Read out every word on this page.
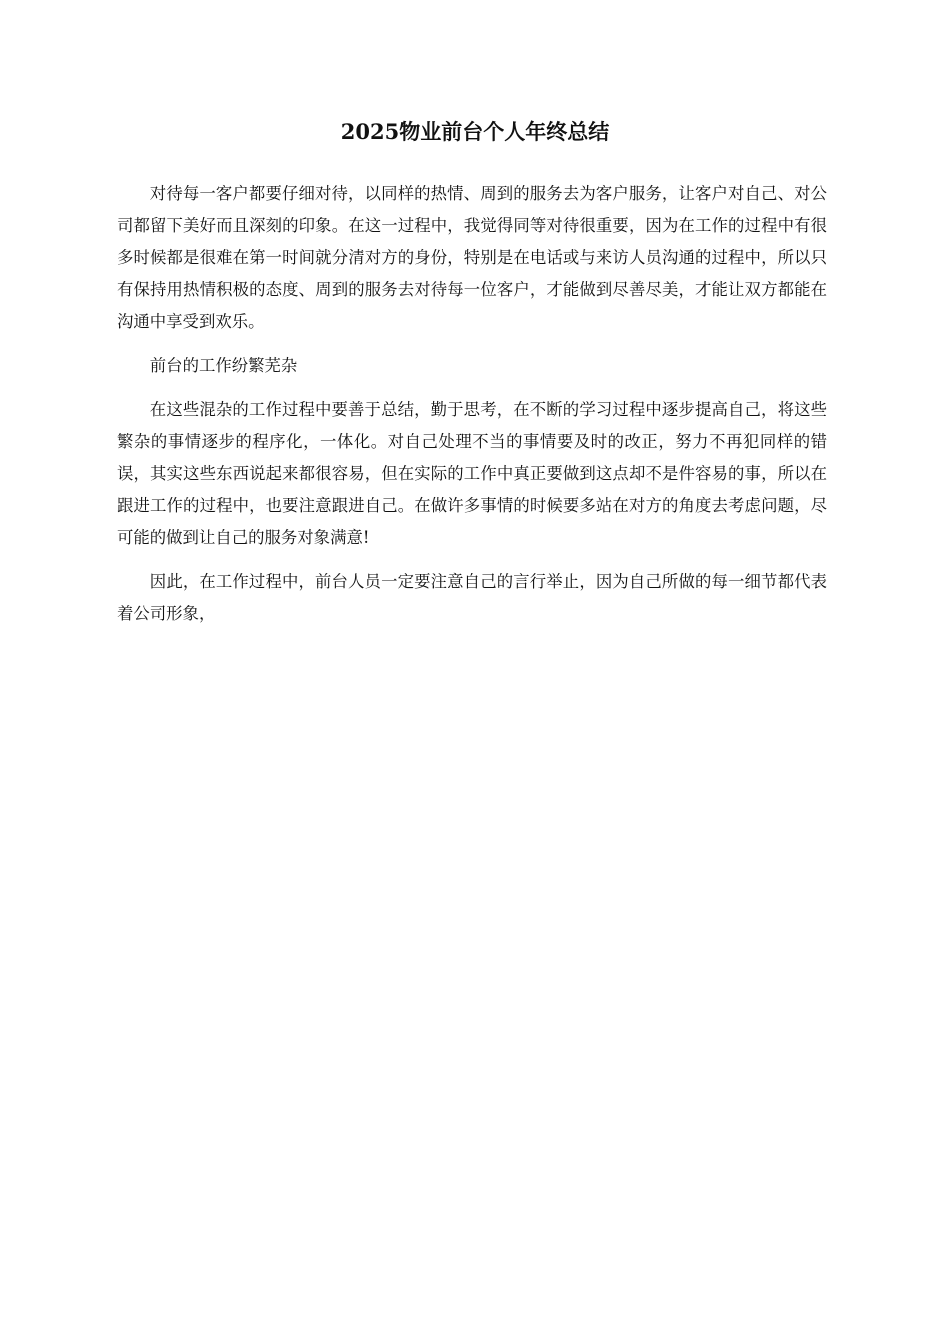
2025物业前台个人年终总结

对待每一客户都要仔细对待，以同样的热情、周到的服务去为客户服务，让客户对自己、对公司都留下美好而且深刻的印象。在这一过程中，我觉得同等对待很重要，因为在工作的过程中有很多时候都是很难在第一时间就分清对方的身份，特别是在电话或与来访人员沟通的过程中，所以只有保持用热情积极的态度、周到的服务去对待每一位客户，才能做到尽善尽美，才能让双方都能在沟通中享受到欢乐。

前台的工作纷繁芜杂

在这些混杂的工作过程中要善于总结，勤于思考，在不断的学习过程中逐步提高自己，将这些繁杂的事情逐步的程序化，一体化。对自己处理不当的事情要及时的改正，努力不再犯同样的错误，其实这些东西说起来都很容易，但在实际的工作中真正要做到这点却不是件容易的事，所以在跟进工作的过程中，也要注意跟进自己。在做许多事情的时候要多站在对方的角度去考虑问题，尽可能的做到让自己的服务对象满意!

因此，在工作过程中，前台人员一定要注意自己的言行举止，因为自己所做的每一细节都代表着公司形象，
